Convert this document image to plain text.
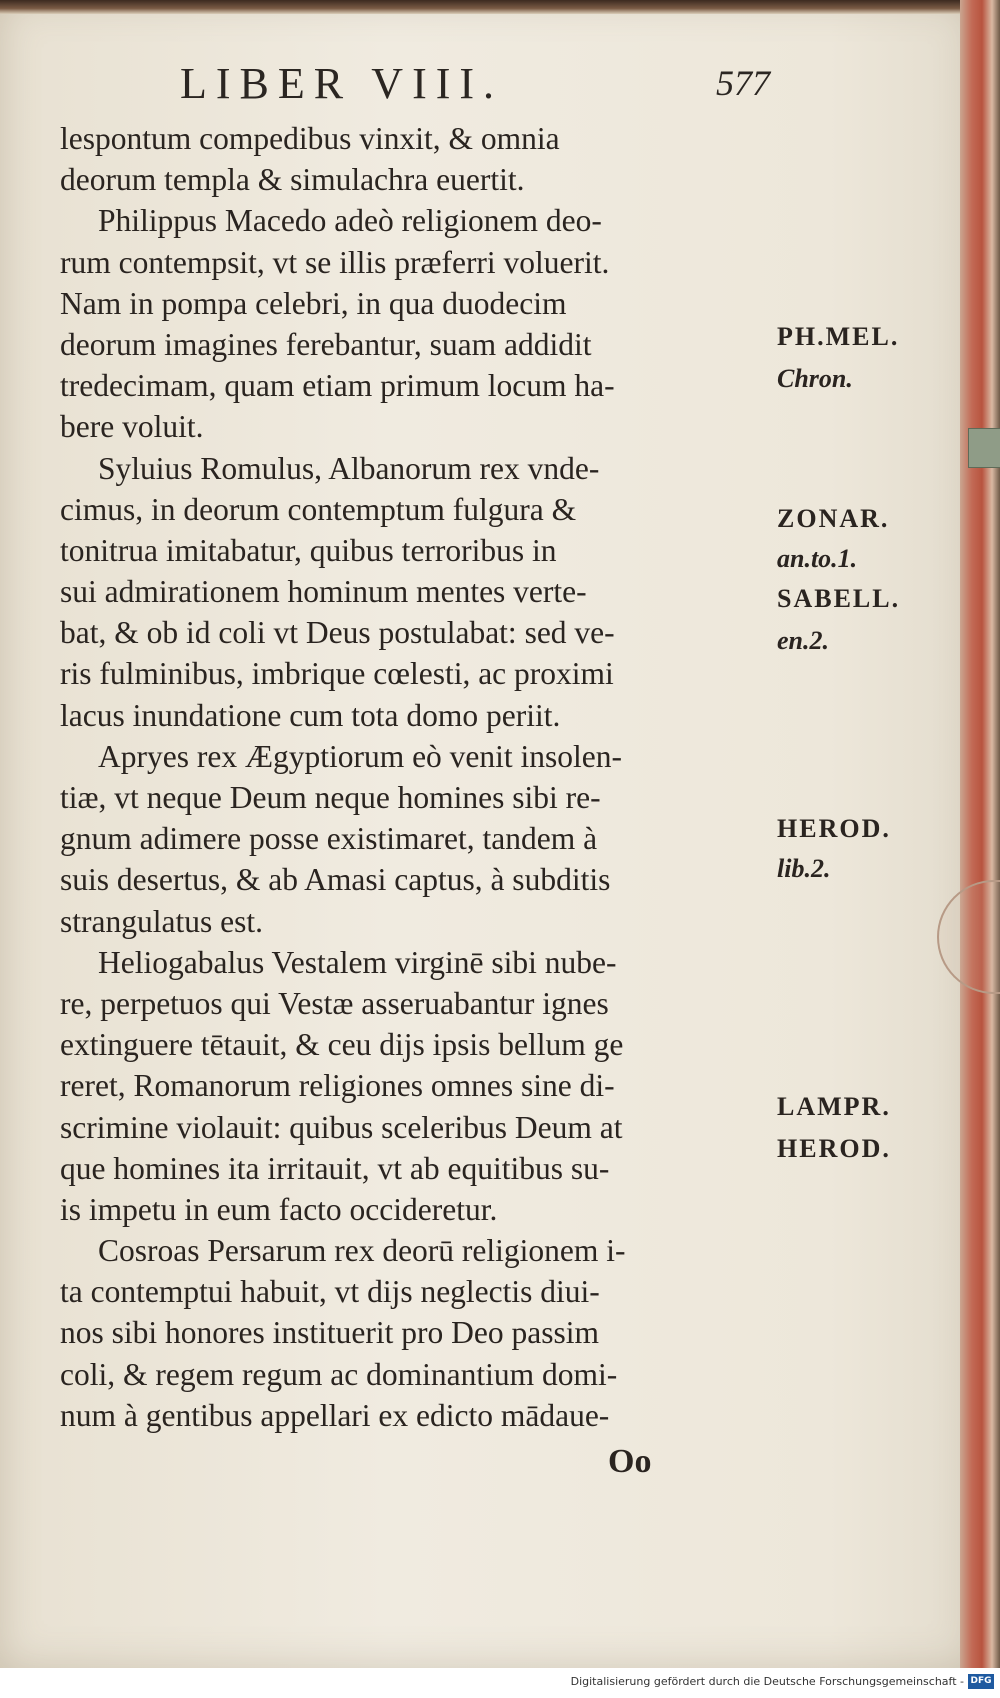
LIBER VIII.	577
lespontum compedibus vinxit, & omnia
deorum templa & simulachra euertit.
Philippus Macedo adeò religionem deo-
rum contempsit, vt se illis præferri voluerit.
Nam in pompa celebri, in qua duodecim
deorum imagines ferebantur, suam addidit
tredecimam, quam etiam primum locum ha-
bere voluit.
Syluius Romulus, Albanorum rex vnde-
cimus, in deorum contemptum fulgura &
tonitrua imitabatur, quibus terroribus in
sui admirationem hominum mentes verte-
bat, & ob id coli vt Deus postulabat: sed ve-
ris fulminibus, imbrique cœlesti, ac proximi
lacus inundatione cum tota domo periit.
Apryes rex Ægyptiorum eò venit insolen-
tiæ, vt neque Deum neque homines sibi re-
gnum adimere posse existimaret, tandem à
suis desertus, & ab Amasi captus, à subditis
strangulatus est.
Heliogabalus Vestalem virginē sibi nube-
re, perpetuos qui Vestæ asseruabantur ignes
extinguere tētauit, & ceu dijs ipsis bellum ge
reret, Romanorum religiones omnes sine di-
scrimine violauit: quibus sceleribus Deum at
que homines ita irritauit, vt ab equitibus su-
is impetu in eum facto occideretur.
Cosroas Persarum rex deorū religionem i-
ta contemptui habuit, vt dijs neglectis diui-
nos sibi honores instituerit pro Deo passim
coli, & regem regum ac dominantium domi-
num à gentibus appellari ex edicto mādaue-
PH.MEL.
Chron.
ZONAR.
an.to.1.
SABELL.
en.2.
HEROD.
lib.2.
LAMPR.
HEROD.
Oo
Digitalisierung gefördert durch die Deutsche Forschungsgemeinschaft - DFG
